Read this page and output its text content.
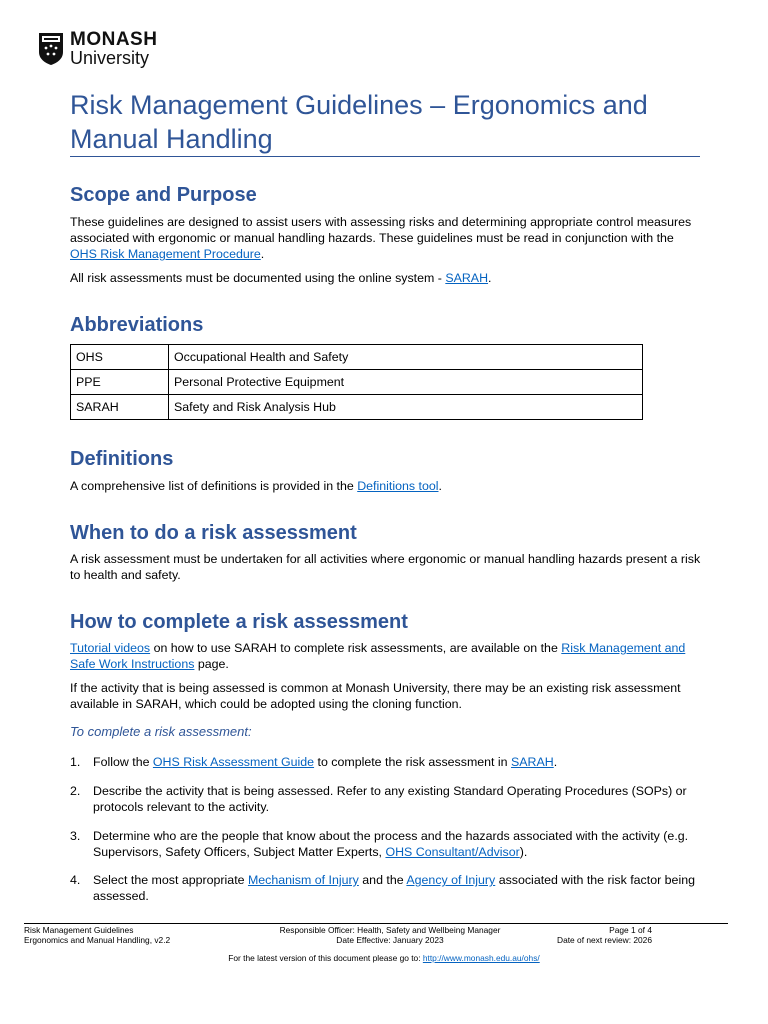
MONASH
University
Risk Management Guidelines – Ergonomics and Manual Handling
Scope and Purpose

These guidelines are designed to assist users with assessing risks and determining appropriate control measures associated with ergonomic or manual handling hazards. These guidelines must be read in conjunction with the OHS Risk Management Procedure.

All risk assessments must be documented using the online system - SARAH.

Abbreviations
OHS	Occupational Health and Safety
PPE	Personal Protective Equipment
SARAH	Safety and Risk Analysis Hub
Definitions

A comprehensive list of definitions is provided in the Definitions tool.

When to do a risk assessment

A risk assessment must be undertaken for all activities where ergonomic or manual handling hazards present a risk to health and safety.

How to complete a risk assessment

Tutorial videos on how to use SARAH to complete risk assessments, are available on the Risk Management and Safe Work Instructions page.

If the activity that is being assessed is common at Monash University, there may be an existing risk assessment available in SARAH, which could be adopted using the cloning function.

To complete a risk assessment:

1. Follow the OHS Risk Assessment Guide to complete the risk assessment in SARAH.
2. Describe the activity that is being assessed. Refer to any existing Standard Operating Procedures (SOPs) or protocols relevant to the activity.
3. Determine who are the people that know about the process and the hazards associated with the activity (e.g. Supervisors, Safety Officers, Subject Matter Experts, OHS Consultant/Advisor).
4. Select the most appropriate Mechanism of Injury and the Agency of Injury associated with the risk factor being assessed.
Risk Management Guidelines
Ergonomics and Manual Handling, v2.2
Responsible Officer: Health, Safety and Wellbeing Manager
Date Effective: January 2023
Page 1 of 4
Date of next review: 2026
For the latest version of this document please go to: http://www.monash.edu.au/ohs/
